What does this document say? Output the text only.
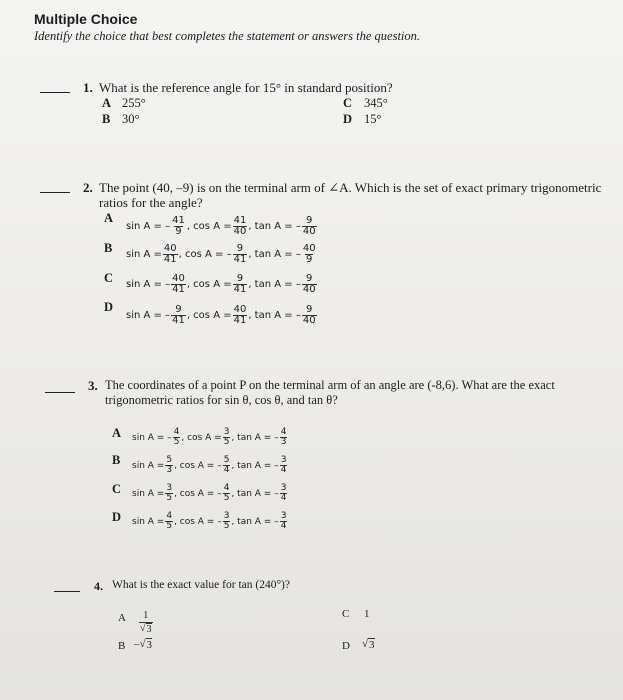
Multiple Choice
Identify the choice that best completes the statement or answers the question.
1. What is the reference angle for 15° in standard position?
A 255°
B 30°
C 345°
D 15°
2. The point (40, –9) is on the terminal arm of ∠A. Which is the set of exact primary trigonometric
ratios for the angle?
A
sin A = – $\frac{41}{9}$ , $\cos A = \frac{41}{40}$ , tan A = – $\frac{9}{40}$
B $\sin A = \frac{40}{41}$ , cos A = – $\frac{9}{41}$ , tan A = – $\frac{40}{9}$
C sin A = – $\frac{40}{41}$ , $\cos A = \frac{9}{41}$ , tan A = – $\frac{9}{40}$
D
sin A = – $\frac{9}{41}$ , $\cos A = \frac{40}{41}$ , tan A = – $\frac{9}{40}$
3. The coordinates of a point P on the terminal arm of an angle are (-8,6). What are the exact
trigonometric ratios for sin θ, cos θ, and tan θ?
A sin A = – $\frac{4}{5}$ , $\cos A = \frac{3}{5}$ , tan A = – $\frac{4}{3}$
B $\sin A = \frac{5}{3}$ , cos A = – $\frac{5}{4}$ , tan A = – $\frac{3}{4}$
C $\sin A = \frac{3}{5}$ , cos A = – $\frac{4}{5}$ , tan A = – $\frac{3}{4}$
D $\sin A = \frac{4}{5}$ , cos A = – $\frac{3}{5}$ , tan A = – $\frac{3}{4}$
4. What is the exact value for tan (240°)?
A $\frac{1}{√ 3}$
B – √ 3
C 1
D √ 3
